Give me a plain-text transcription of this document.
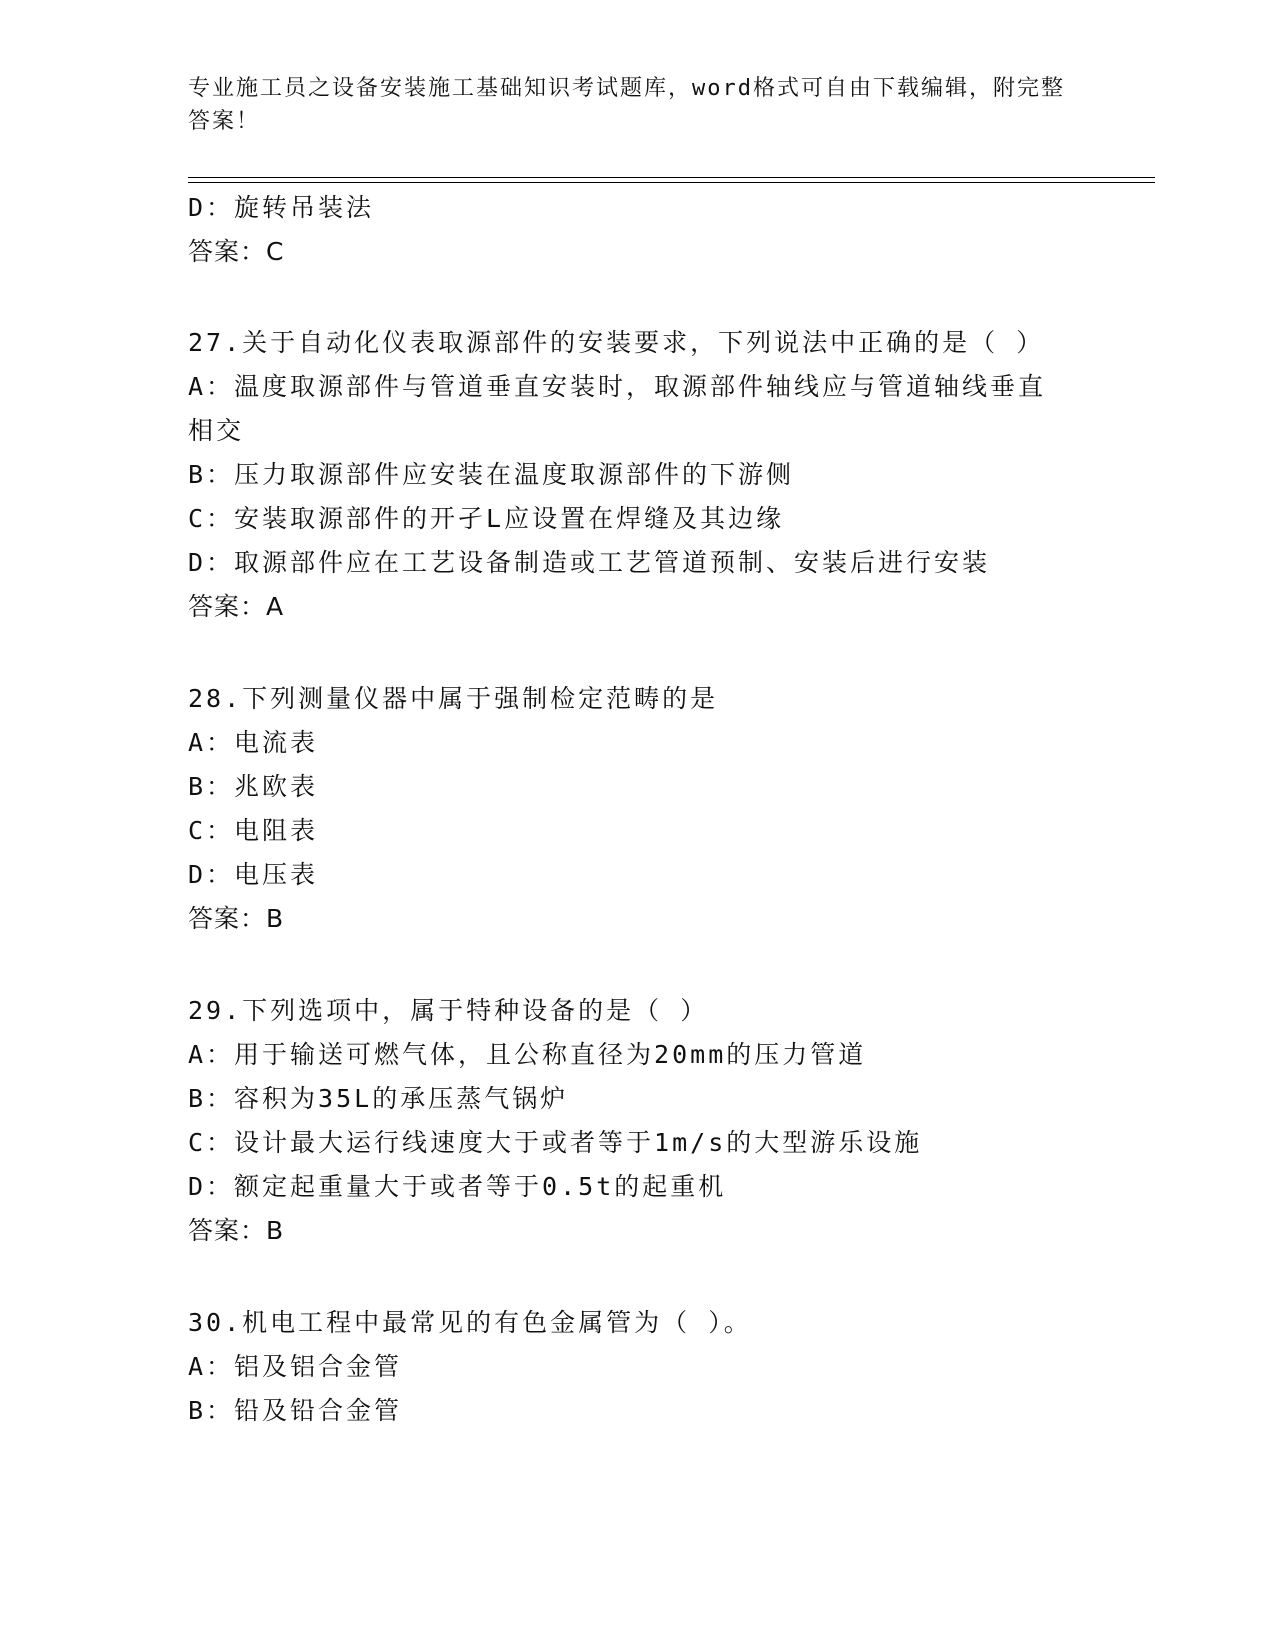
专业施工员之设备安装施工基础知识考试题库，word格式可自由下载编辑，附完整答案！
D：旋转吊装法
答案：C
27.关于自动化仪表取源部件的安装要求，下列说法中正确的是（ ）
A：温度取源部件与管道垂直安装时，取源部件轴线应与管道轴线垂直
相交
B：压力取源部件应安装在温度取源部件的下游侧
C：安装取源部件的开孑L应设置在焊缝及其边缘
D：取源部件应在工艺设备制造或工艺管道预制、安装后进行安装
答案：A
28.下列测量仪器中属于强制检定范畴的是
A：电流表
B：兆欧表
C：电阻表
D：电压表
答案：B
29.下列选项中，属于特种设备的是（ ）
A：用于输送可燃气体，且公称直径为20mm的压力管道
B：容积为35L的承压蒸气锅炉
C：设计最大运行线速度大于或者等于1m/s的大型游乐设施
D：额定起重量大于或者等于0.5t的起重机
答案：B
30.机电工程中最常见的有色金属管为（ ）。
A：铝及铝合金管
B：铅及铅合金管
